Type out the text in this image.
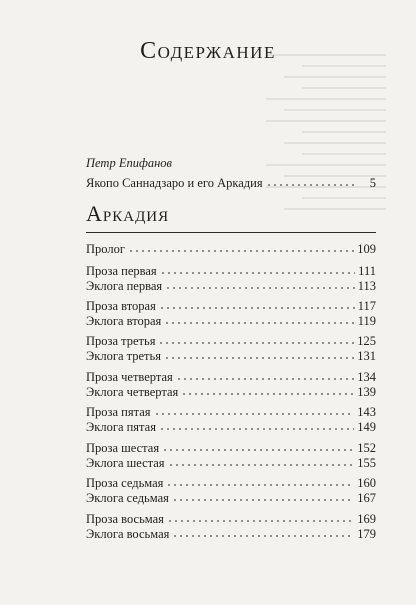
Содержание
Петр Епифанов
Якопо Саннадзаро и его Аркадия	5
Аркадия
Пролог	109
Проза первая	111
Эклога первая	113
Проза вторая	117
Эклога вторая	119
Проза третья	125
Эклога третья	131
Проза четвертая	134
Эклога четвертая	139
Проза пятая	143
Эклога пятая	149
Проза шестая	152
Эклога шестая	155
Проза седьмая	160
Эклога седьмая	167
Проза восьмая	169
Эклога восьмая	179
